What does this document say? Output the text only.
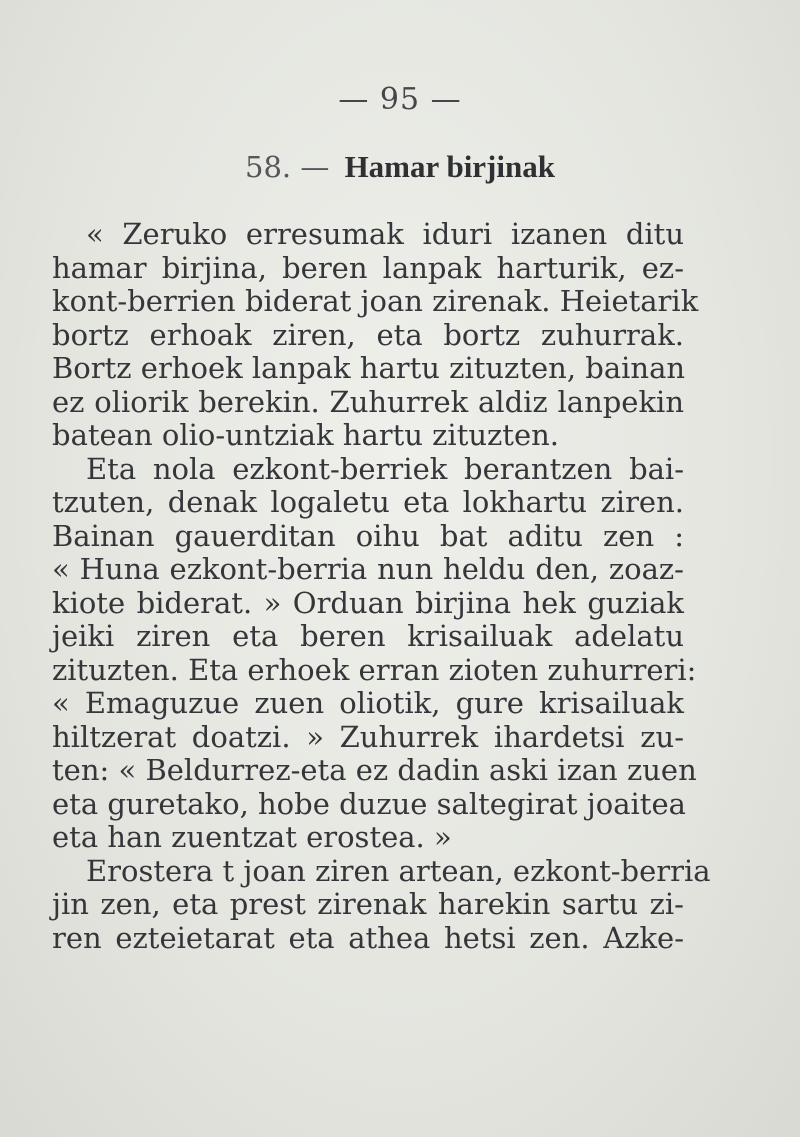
— 95 —
58. — Hamar birjinak
« Zeruko erresumak iduri izanen ditu
hamar birjina, beren lanpak harturik, ez-
kont-berrien biderat joan zirenak. Heietarik
bortz erhoak ziren, eta bortz zuhurrak.
Bortz erhoek lanpak hartu zituzten, bainan
ez oliorik berekin. Zuhurrek aldiz lanpekin
batean olio-untziak hartu zituzten.
Eta nola ezkont-berriek berantzen bai-
tzuten, denak logaletu eta lokhartu ziren.
Bainan gauerditan oihu bat aditu zen :
« Huna ezkont-berria nun heldu den, zoaz-
kiote biderat. » Orduan birjina hek guziak
jeiki ziren eta beren krisailuak adelatu
zituzten. Eta erhoek erran zioten zuhurreri:
« Emaguzue zuen oliotik, gure krisailuak
hiltzerat doatzi. » Zuhurrek ihardetsi zu-
ten: « Beldurrez-eta ez dadin aski izan zuen
eta guretako, hobe duzue saltegirat joaitea
eta han zuentzat erostea. »
Erostera t joan ziren artean, ezkont-berria
jin zen, eta prest zirenak harekin sartu zi-
ren ezteietarat eta athea hetsi zen. Azke-
